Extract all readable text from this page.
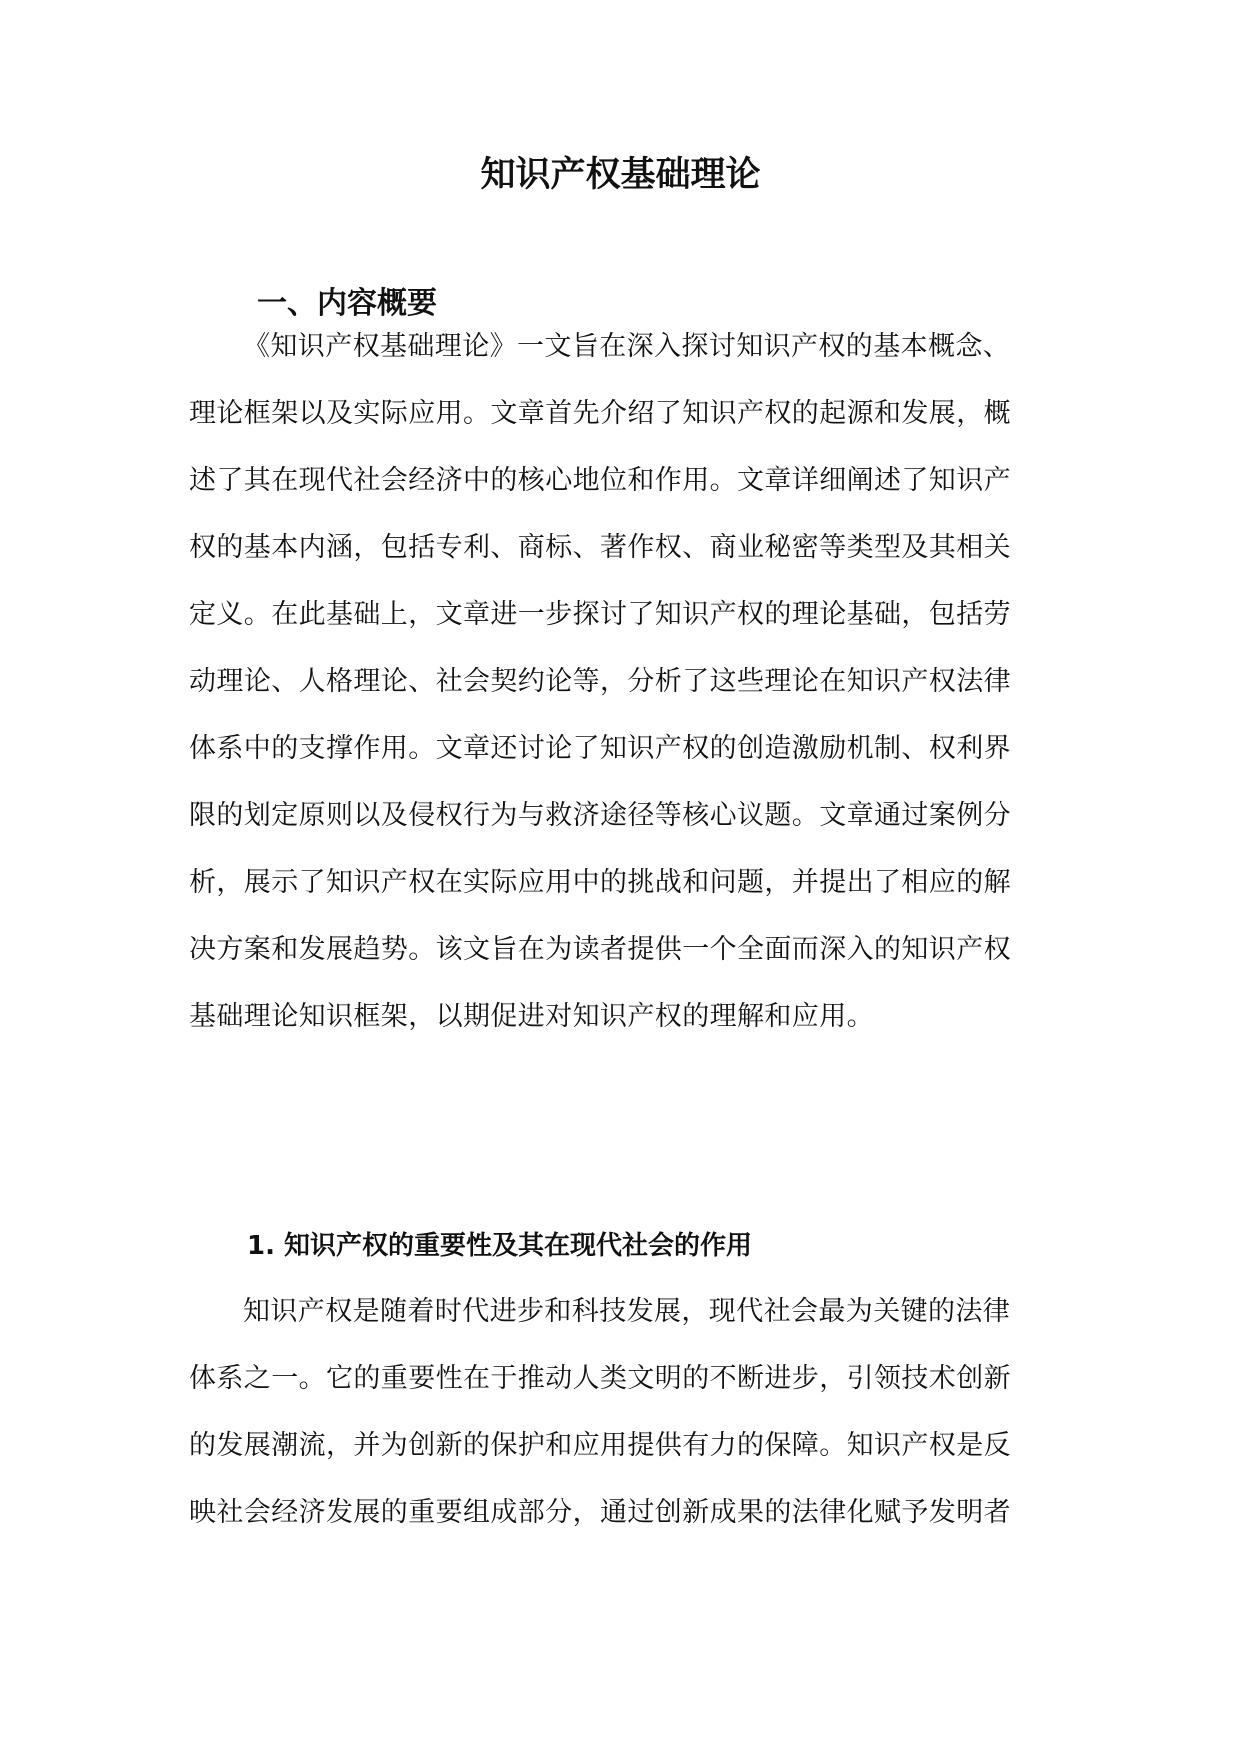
知识产权基础理论
一、内容概要
《知识产权基础理论》一文旨在深入探讨知识产权的基本概念、
理论框架以及实际应用。文章首先介绍了知识产权的起源和发展，概
述了其在现代社会经济中的核心地位和作用。文章详细阐述了知识产
权的基本内涵，包括专利、商标、著作权、商业秘密等类型及其相关
定义。在此基础上，文章进一步探讨了知识产权的理论基础，包括劳
动理论、人格理论、社会契约论等，分析了这些理论在知识产权法律
体系中的支撑作用。文章还讨论了知识产权的创造激励机制、权利界
限的划定原则以及侵权行为与救济途径等核心议题。文章通过案例分
析，展示了知识产权在实际应用中的挑战和问题，并提出了相应的解
决方案和发展趋势。该文旨在为读者提供一个全面而深入的知识产权
基础理论知识框架，以期促进对知识产权的理解和应用。
1. 知识产权的重要性及其在现代社会的作用
知识产权是随着时代进步和科技发展，现代社会最为关键的法律
体系之一。它的重要性在于推动人类文明的不断进步，引领技术创新
的发展潮流，并为创新的保护和应用提供有力的保障。知识产权是反
映社会经济发展的重要组成部分，通过创新成果的法律化赋予发明者
